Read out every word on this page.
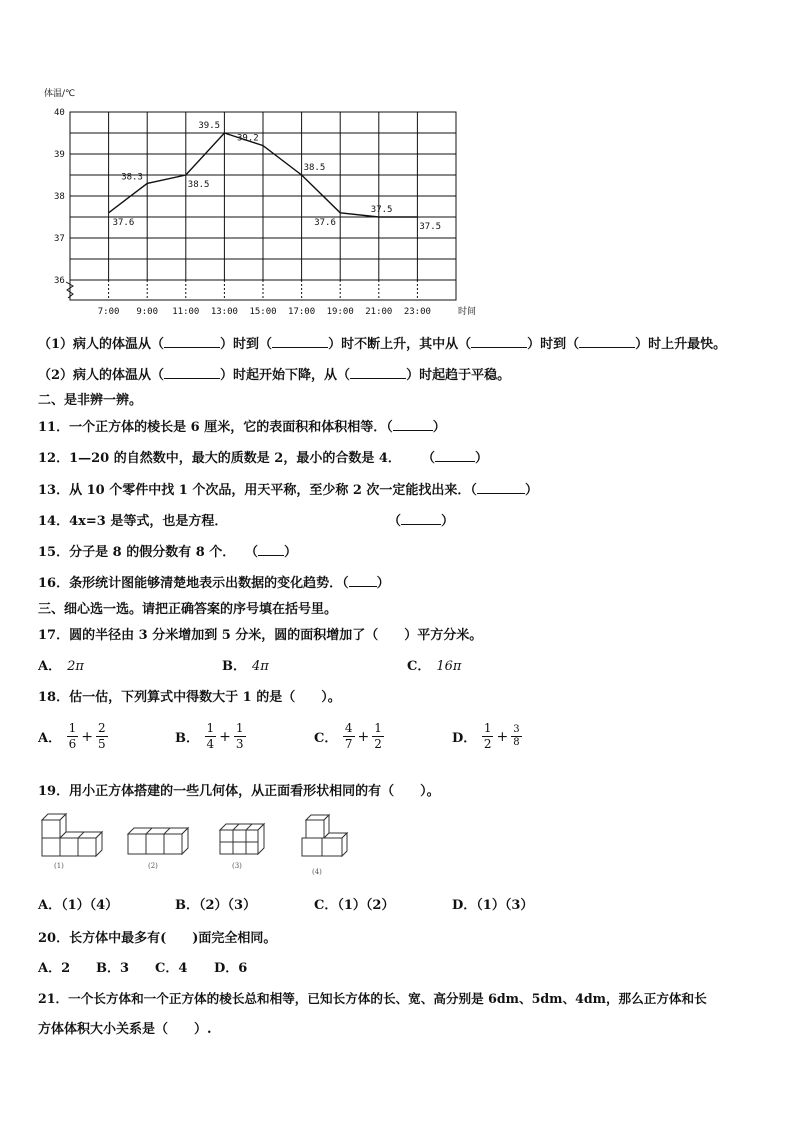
体温/℃
40
39
38
37
36
7:00 9:00 11:00 13:00 15:00 17:00 19:00 21:00 23:00	时间
37.6
38.3
38.5
39.5
39.2
38.5
37.6
37.5
37.5
（1）病人的体温从（	）时到（	）时不断上升，其中从（	）时到（	）时上升最快。
（2）病人的体温从（	）时起开始下降，从（	）时起趋于平稳。
二、是非辨一辨。
11．一个正方体的棱长是 6 厘米，它的表面积和体积相等．（	）
12．1—20 的自然数中，最大的质数是 2，最小的合数是 4． （	）
13．从 10 个零件中找 1 个次品，用天平称，至少称 2 次一定能找出来．（	）
14．4x=3 是等式，也是方程．	（	）
15．分子是 8 的假分数有 8 个． （ ）
16．条形统计图能够清楚地表示出数据的变化趋势．（ ）
三、细心选一选。请把正确答案的序号填在括号里。
17．圆的半径由 3 分米增加到 5 分米，圆的面积增加了（　　）平方分米。
A． 2π	B． 4π	C． 16π
18．估一估，下列算式中得数大于 1 的是（　　）。
A． $\frac{1}{6} + \frac{2}{5}$	B． $\frac{1}{4} + \frac{1}{3}$	C． $\frac{4}{7} + \frac{1}{2}$	D． $\frac{1}{2} + \frac{3}{8}$
19．用小正方体搭建的一些几何体，从正面看形状相同的有（　　）。
(1)	(2)	(3)
(4)
A．（1）（4）	B．（2）（3）	C．（1）（2）	D．（1）（3）
20．长方体中最多有(　　)面完全相同。
A．2 B．3 C．4 D．6
21．一个长方体和一个正方体的棱长总和相等，已知长方体的长、宽、高分别是 6dm、5dm、4dm，那么正方体和长
方体体积大小关系是（　　）.
